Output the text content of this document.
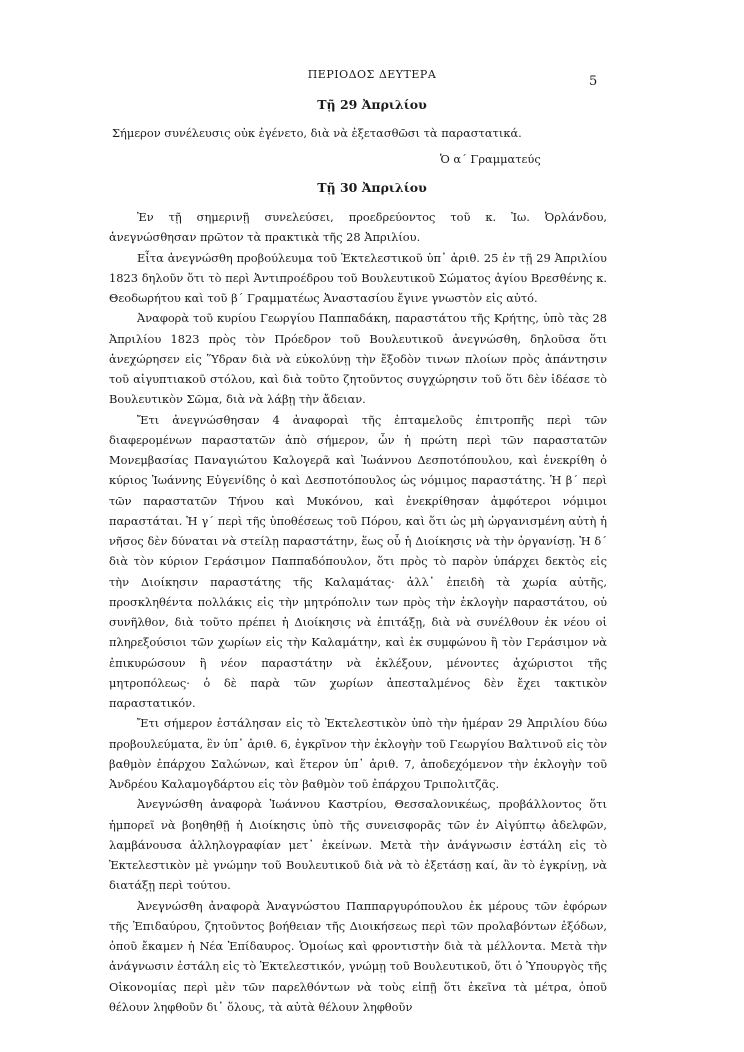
ΠΕΡΙΟΔΟΣ ΔΕΥΤΕΡΑ	5
Τῇ 29 Ἀπριλίου
Σήμερον συνέλευσις οὐκ ἐγένετο, διὰ νὰ ἐξετασθῶσι τὰ παραστατικά.
Ὁ α΄ Γραμματεύς
Τῇ 30 Ἀπριλίου

Ἐν τῇ σημερινῇ συνελεύσει, προεδρεύοντος τοῦ κ. Ἰω. Ὀρλάνδου, ἀνεγνώσθησαν πρῶτον τὰ πρακτικὰ τῆς 28 Ἀπριλίου.

Εἶτα ἀνεγνώσθη προβούλευμα τοῦ Ἐκτελεστικοῦ ὑπ᾽ ἀριθ. 25 ἐν τῇ 29 Ἀπριλίου 1823 δηλοῦν ὅτι τὸ περὶ Ἀντιπροέδρου τοῦ Βουλευτικοῦ Σώματος ἁγίου Βρεσθένης κ. Θεοδωρήτου καὶ τοῦ β΄ Γραμματέως Ἀναστασίου ἔγινε γνωστὸν εἰς αὐτό.

Ἀναφορὰ τοῦ κυρίου Γεωργίου Παππαδάκη, παραστάτου τῆς Κρήτης, ὑπὸ τὰς 28 Ἀπριλίου 1823 πρὸς τὸν Πρόεδρον τοῦ Βουλευτικοῦ ἀνεγνώσθη, δηλοῦσα ὅτι ἀνεχώρησεν εἰς Ὕδραν διὰ νὰ εὐκολύνῃ τὴν ἔξοδὸν τινων πλοίων πρὸς ἀπάντησιν τοῦ αἰγυπτιακοῦ στόλου, καὶ διὰ τοῦτο ζητοῦντος συγχώρησιν τοῦ ὅτι δὲν ἰδέασε τὸ Βουλευτικὸν Σῶμα, διὰ νὰ λάβῃ τὴν ἄδειαν.

Ἔτι ἀνεγνώσθησαν 4 ἀναφοραὶ τῆς ἐπταμελοῦς ἐπιτροπῆς περὶ τῶν διαφερομένων παραστατῶν ἀπὸ σήμερον, ὧν ἡ πρώτη περὶ τῶν παραστατῶν Μονεμβασίας Παναγιώτου Καλογερᾶ καὶ Ἰωάννου Δεσποτόπουλου, καὶ ἐνεκρίθη ὁ κύριος Ἰωάννης Εὐγενίδης ὁ καὶ Δεσποτόπουλος ὡς νόμιμος παραστάτης. Ἡ β΄ περὶ τῶν παραστατῶν Τήνου καὶ Μυκόνου, καὶ ἐνεκρίθησαν ἀμφότεροι νόμιμοι παραστάται. Ἡ γ΄ περὶ τῆς ὑποθέσεως τοῦ Πόρου, καὶ ὅτι ὡς μὴ ὠργανισμένη αὐτὴ ἡ νῆσος δὲν δύναται νὰ στείλῃ παραστάτην, ἕως οὗ ἡ Διοίκησις νὰ τὴν ὀργανίσῃ. Ἡ δ΄ διὰ τὸν κύριον Γεράσιμον Παππαδόπουλον, ὅτι πρὸς τὸ παρὸν ὑπάρχει δεκτὸς εἰς τὴν Διοίκησιν παραστάτης τῆς Καλαμάτας· ἀλλ᾽ ἐπειδὴ τὰ χωρία αὐτῆς, προσκληθέντα πολλάκις εἰς τὴν μητρόπολιν των πρὸς τὴν ἐκλογὴν παραστάτου, οὐ συνῆλθον, διὰ τοῦτο πρέπει ἡ Διοίκησις νὰ ἐπιτάξῃ, διὰ νὰ συνέλθουν ἐκ νέου οἱ πληρεξούσιοι τῶν χωρίων εἰς τὴν Καλαμάτην, καὶ ἐκ συμφώνου ἢ τὸν Γεράσιμον νὰ ἐπικυρώσουν ἢ νέον παραστάτην νὰ ἐκλέξουν, μένοντες ἀχώριστοι τῆς μητροπόλεως· ὁ δὲ παρὰ τῶν χωρίων ἀπεσταλμένος δὲν ἔχει τακτικὸν παραστατικόν.

Ἔτι σήμερον ἐστάλησαν εἰς τὸ Ἐκτελεστικὸν ὑπὸ τὴν ἡμέραν 29 Ἀπριλίου δύω προβουλεύματα, ἓν ὑπ᾽ ἀριθ. 6, ἐγκρῖνον τὴν ἐκλογὴν τοῦ Γεωργίου Βαλτινοῦ εἰς τὸν βαθμὸν ἐπάρχου Σαλώνων, καὶ ἕτερον ὑπ᾽ ἀριθ. 7, ἀποδεχόμενον τὴν ἐκλογὴν τοῦ Ἀνδρέου Καλαμογδάρτου εἰς τὸν βαθμὸν τοῦ ἐπάρχου Τριπολιτζᾶς.

Ἀνεγνώσθη ἀναφορὰ Ἰωάννου Καστρίου, Θεσσαλονικέως, προβάλλοντος ὅτι ἠμπορεῖ νὰ βοηθηθῇ ἡ Διοίκησις ὑπὸ τῆς συνεισφορᾶς τῶν ἐν Αἰγύπτῳ ἀδελφῶν, λαμβάνουσα ἀλληλογραφίαν μετ᾽ ἐκείνων. Μετὰ τὴν ἀνάγνωσιν ἐστάλη εἰς τὸ Ἐκτελεστικὸν μὲ γνώμην τοῦ Βουλευτικοῦ διὰ νὰ τὸ ἐξετάσῃ καί, ἂν τὸ ἐγκρίνῃ, νὰ διατάξῃ περὶ τούτου.

Ἀνεγνώσθη ἀναφορὰ Ἀναγνώστου Παππαργυρόπουλου ἐκ μέρους τῶν ἐφόρων τῆς Ἐπιδαύρου, ζητοῦντος βοήθειαν τῆς Διοικήσεως περὶ τῶν προλαβόντων ἐξόδων, ὁποῦ ἔκαμεν ἡ Νέα Ἐπίδαυρος. Ὁμοίως καὶ φροντιστὴν διὰ τὰ μέλλοντα. Μετὰ τὴν ἀνάγνωσιν ἐστάλη εἰς τὸ Ἐκτελεστικόν, γνώμῃ τοῦ Βουλευτικοῦ, ὅτι ὁ Ὑπουργὸς τῆς Οἰκονομίας περὶ μὲν τῶν παρελθόντων νὰ τοὺς εἰπῇ ὅτι ἐκεῖνα τὰ μέτρα, ὁποῦ θέλουν ληφθοῦν δι᾽ ὅλους, τὰ αὐτὰ θέλουν ληφθοῦν
